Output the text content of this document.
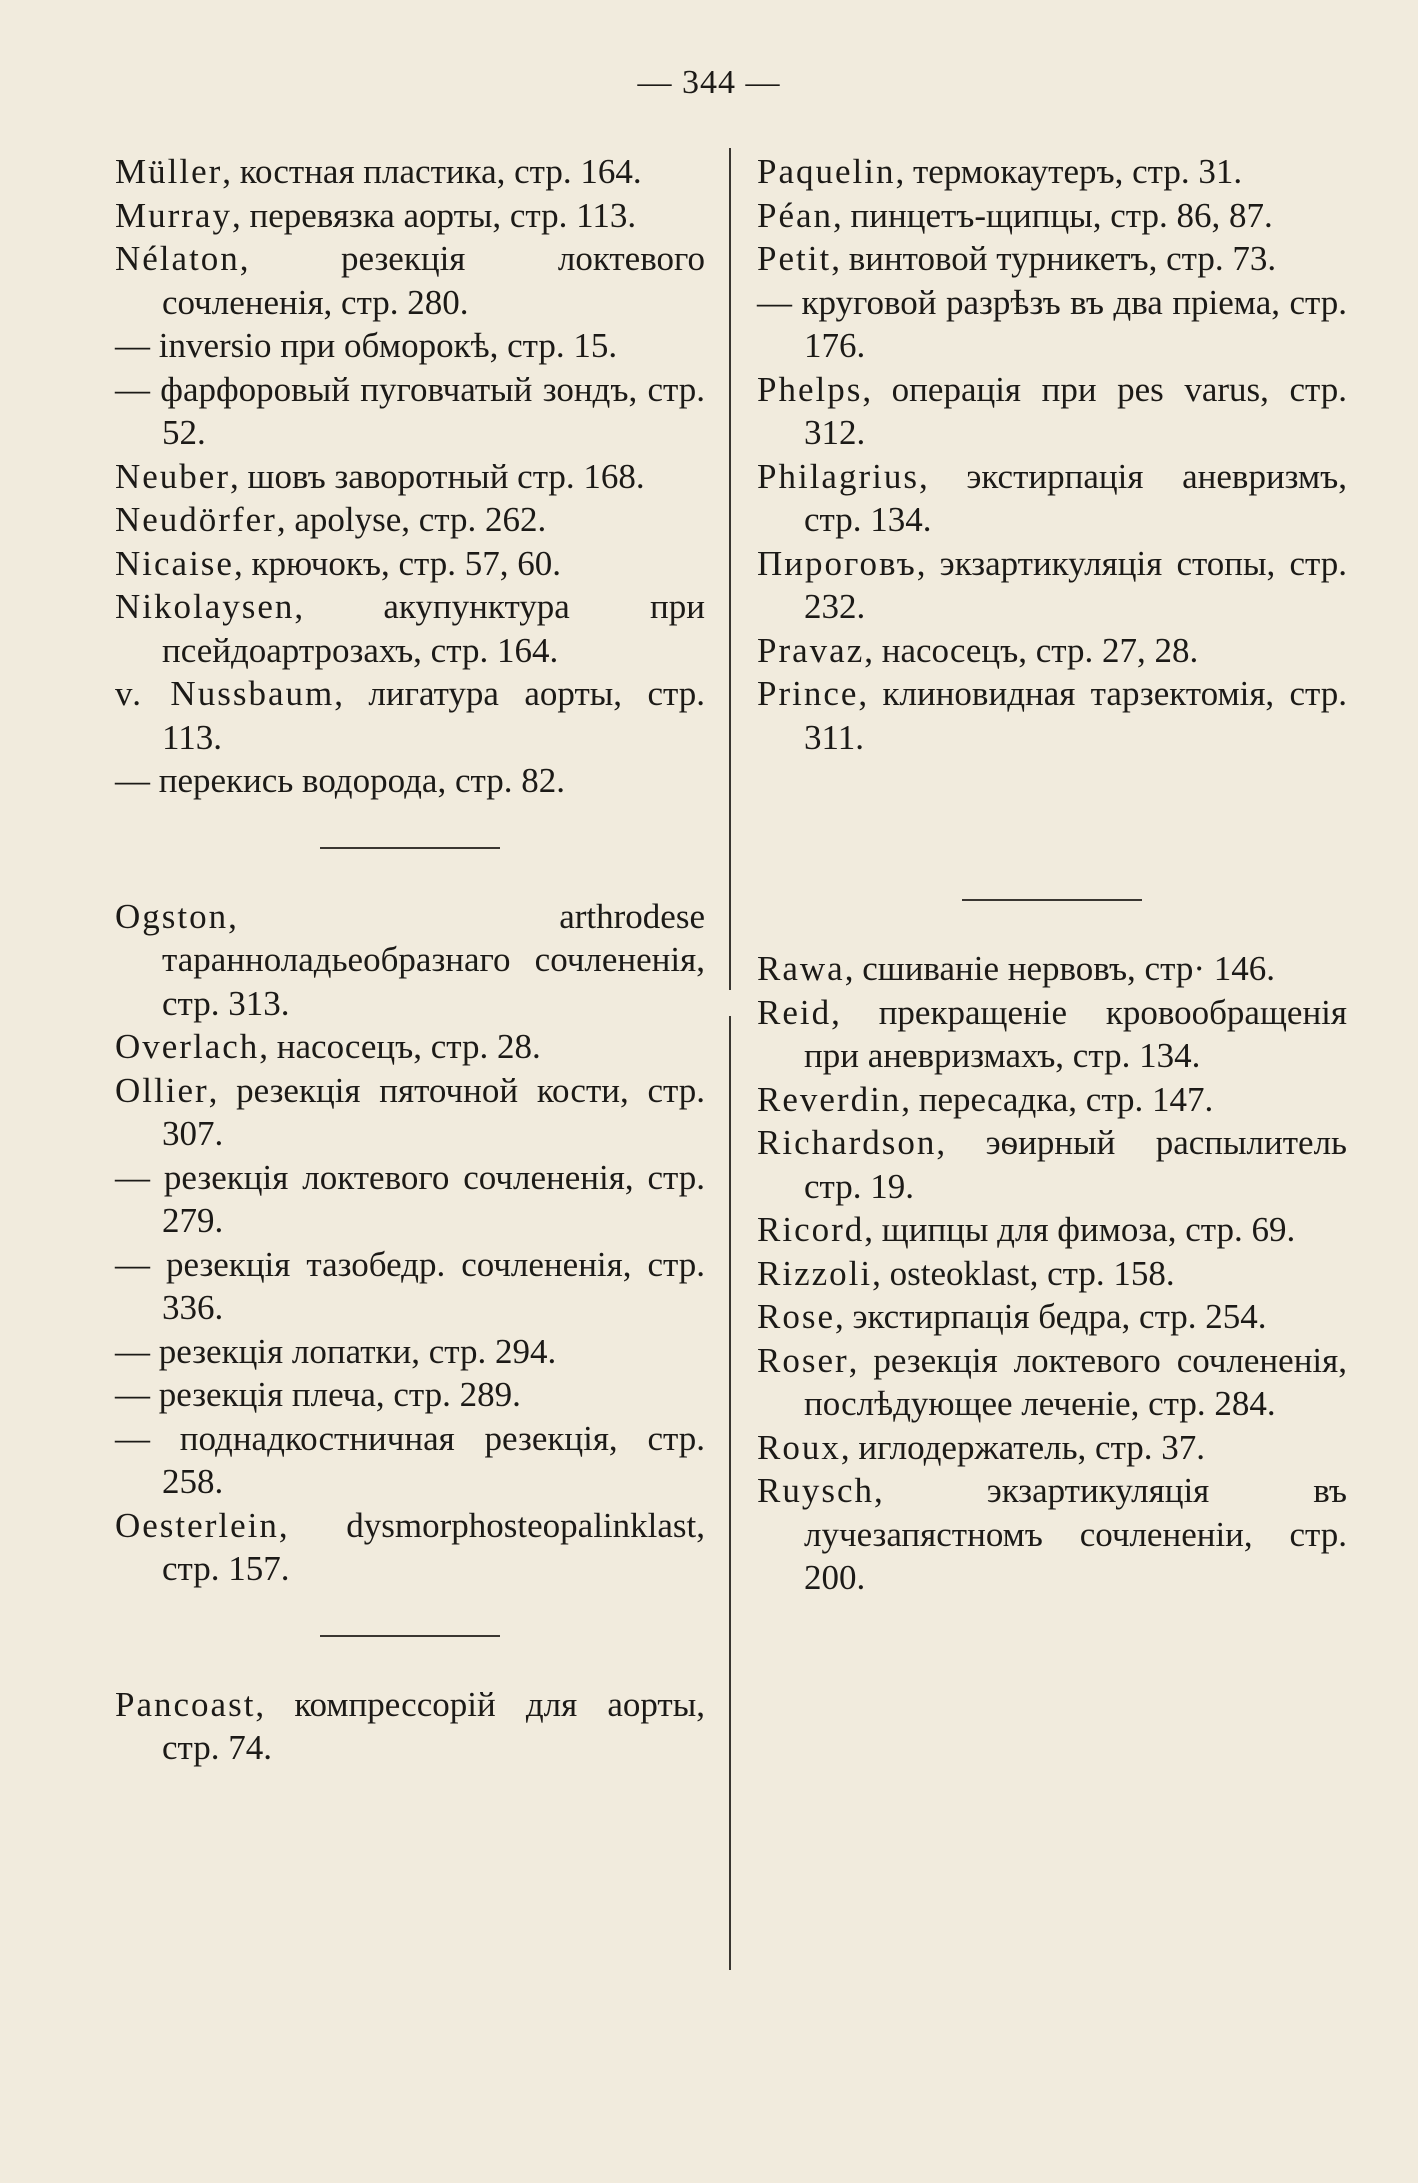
— 344 —

Müller, костная пластика, стр. 164.

Murray, перевязка аорты, стр. 113.

Nélaton, резекція локтевого сочлененія, стр. 280.

— inversio при обморокѣ, стр. 15.

— фарфоровый пуговчатый зондъ, стр. 52.

Neuber, шовъ заворотный стр. 168.

Neudörfer, apolyse, стр. 262.

Nicaise, крючокъ, стр. 57, 60.

Nikolaysen, акупунктура при псейдоартрозахъ, стр. 164.

v. Nussbaum, лигатура аорты, стр. 113.

— перекись водорода, стр. 82.

Ogston, arthrodese таранноладьеобразнаго сочлененія, стр. 313.

Overlach, насосецъ, стр. 28.

Ollier, резекція пяточной кости, стр. 307.

— резекція локтевого сочлененія, стр. 279.

— резекція тазобедр. сочлененія, стр. 336.

— резекція лопатки, стр. 294.

— резекція плеча, стр. 289.

— поднадкостничная резекція, стр. 258.

Oesterlein, dysmorphosteopalinklast, стр. 157.

Pancoast, компрессорій для аорты, стр. 74.

Paquelin, термокаутеръ, стр. 31.

Péan, пинцетъ-щипцы, стр. 86, 87.

Petit, винтовой турникетъ, стр. 73.

— круговой разрѣзъ въ два пріема, стр. 176.

Phelps, операція при pes varus, стр. 312.

Philagrius, экстирпація аневризмъ, стр. 134.

Пироговъ, экзартикуляція стопы, стр. 232.

Pravaz, насосецъ, стр. 27, 28.

Prince, клиновидная тарзектомія, стр. 311.

Rawa, сшиваніе нервовъ, стр· 146.

Reid, прекращеніе кровообращенія при аневризмахъ, стр. 134.

Reverdin, пересадка, стр. 147.

Richardson, эѳирный распылитель стр. 19.

Ricord, щипцы для фимоза, стр. 69.

Rizzoli, osteoklast, стр. 158.

Rose, экстирпація бедра, стр. 254.

Roser, резекція локтевого сочлененія, послѣдующее леченіе, стр. 284.

Roux, иглодержатель, стр. 37.

Ruysch, экзартикуляція въ лучезапястномъ сочлененіи, стр. 200.
